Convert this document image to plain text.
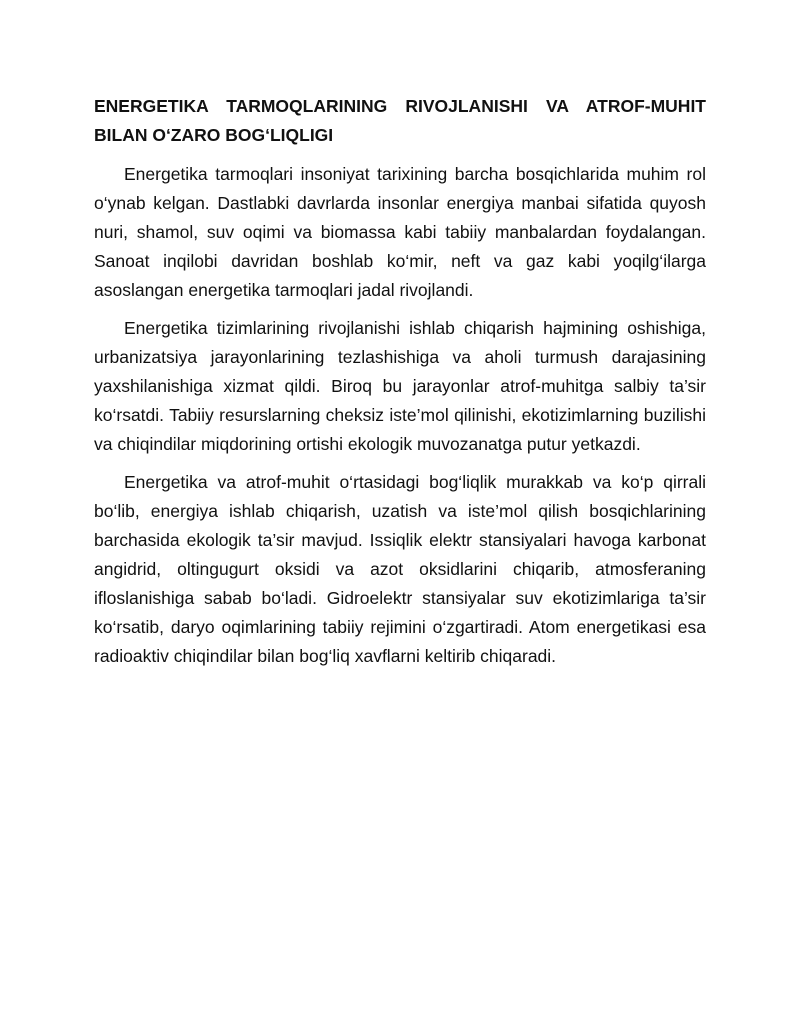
ENERGETIKA TARMOQLARINING RIVOJLANISHI VA ATROF-MUHIT BILAN O‘ZARO BOG‘LIQLIGI

Energetika tarmoqlari insoniyat tarixining barcha bosqichlarida muhim rol o‘ynab kelgan. Dastlabki davrlarda insonlar energiya manbai sifatida quyosh nuri, shamol, suv oqimi va biomassa kabi tabiiy manbalardan foydalangan. Sanoat inqilobi davridan boshlab ko‘mir, neft va gaz kabi yoqilg‘ilarga asoslangan energetika tarmoqlari jadal rivojlandi.

Energetika tizimlarining rivojlanishi ishlab chiqarish hajmining oshishiga, urbanizatsiya jarayonlarining tezlashishiga va aholi turmush darajasining yaxshilanishiga xizmat qildi. Biroq bu jarayonlar atrof-muhitga salbiy ta’sir ko‘rsatdi. Tabiiy resurslarning cheksiz iste’mol qilinishi, ekotizimlarning buzilishi va chiqindilar miqdorining ortishi ekologik muvozanatga putur yetkazdi.

Energetika va atrof-muhit o‘rtasidagi bog‘liqlik murakkab va ko‘p qirrali bo‘lib, energiya ishlab chiqarish, uzatish va iste’mol qilish bosqichlarining barchasida ekologik ta’sir mavjud. Issiqlik elektr stansiyalari havoga karbonat angidrid, oltingugurt oksidi va azot oksidlarini chiqarib, atmosferaning ifloslanishiga sabab bo‘ladi. Gidroelektr stansiyalar suv ekotizimlariga ta’sir ko‘rsatib, daryo oqimlarining tabiiy rejimini o‘zgartiradi. Atom energetikasi esa radioaktiv chiqindilar bilan bog‘liq xavflarni keltirib chiqaradi.
